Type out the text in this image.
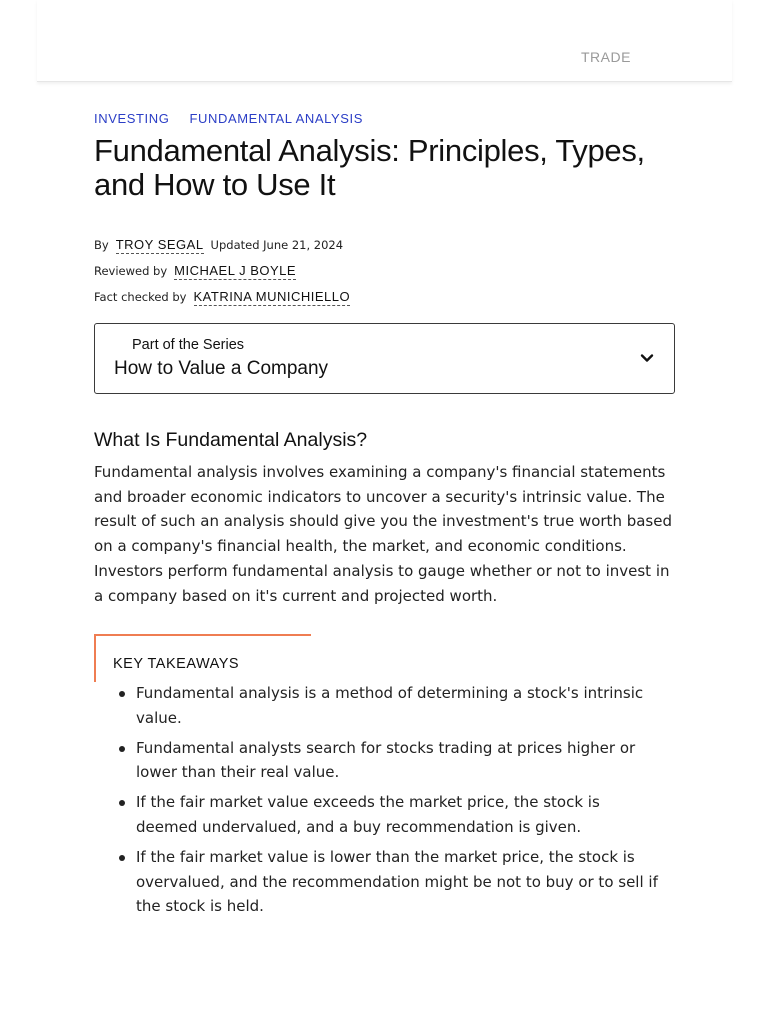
TRADE
INVESTING FUNDAMENTAL ANALYSIS
Fundamental Analysis: Principles, Types, and How to Use It
By TROY SEGAL Updated June 21, 2024
Reviewed by MICHAEL J BOYLE
Fact checked by KATRINA MUNICHIELLO
Part of the Series
How to Value a Company
What Is Fundamental Analysis?

Fundamental analysis involves examining a company's financial statements and broader economic indicators to uncover a security's intrinsic value. The result of such an analysis should give you the investment's true worth based on a company's financial health, the market, and economic conditions. Investors perform fundamental analysis to gauge whether or not to invest in a company based on it's current and projected worth.

KEY TAKEAWAYS
Fundamental analysis is a method of determining a stock's intrinsic value.
Fundamental analysts search for stocks trading at prices higher or lower than their real value.
If the fair market value exceeds the market price, the stock is deemed undervalued, and a buy recommendation is given.
If the fair market value is lower than the market price, the stock is overvalued, and the recommendation might be not to buy or to sell if the stock is held.
